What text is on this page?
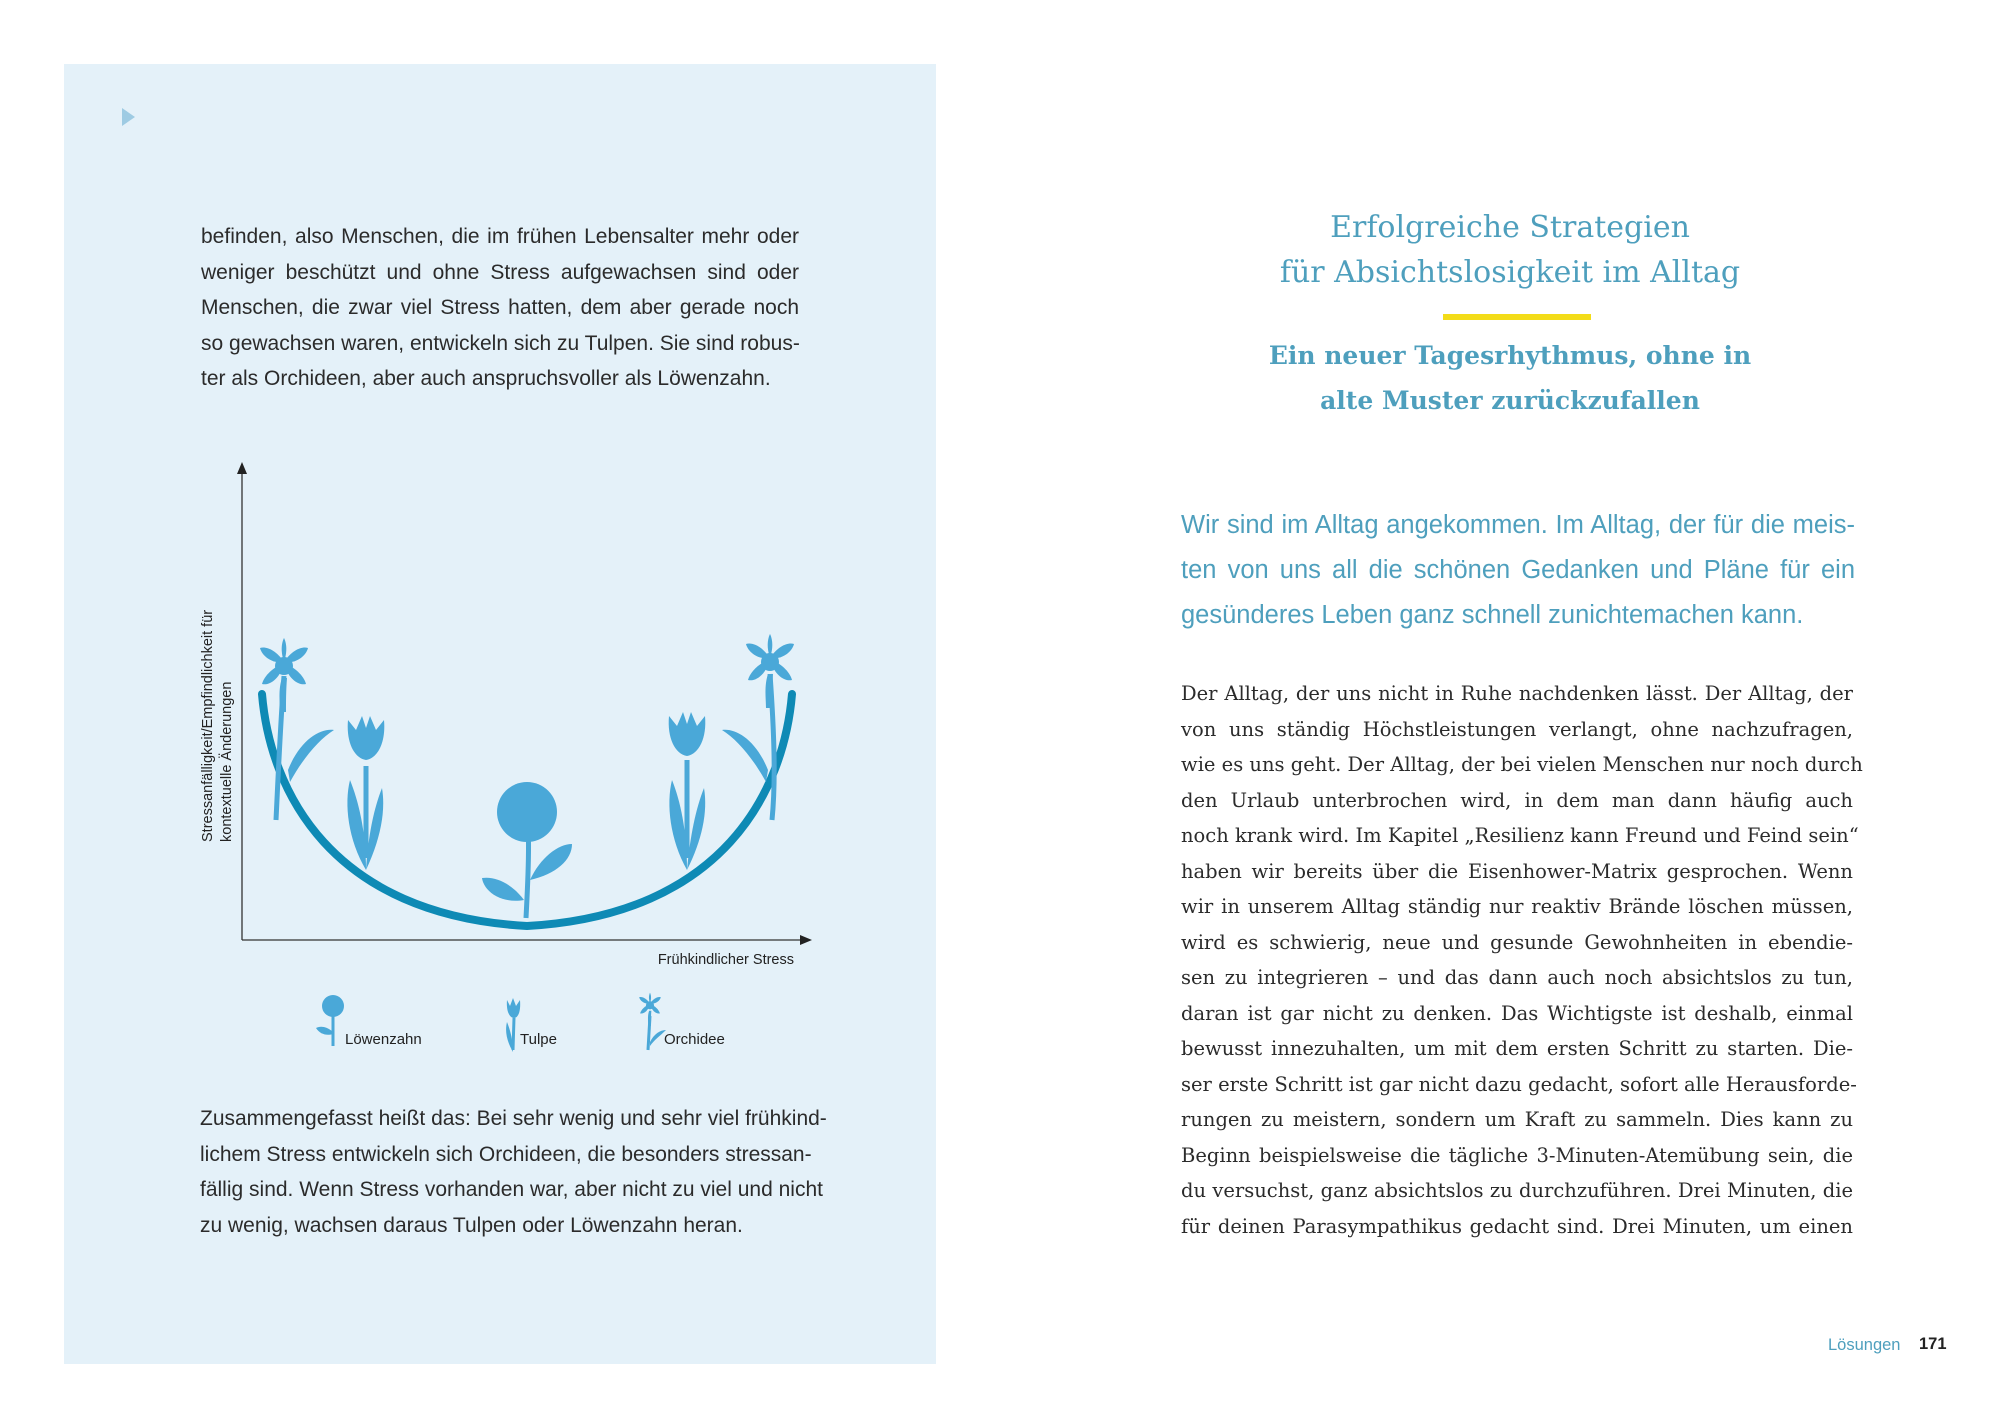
befinden, also Menschen, die im frühen Lebensalter mehr oder
weniger beschützt und ohne Stress aufgewachsen sind oder
Menschen, die zwar viel Stress hatten, dem aber gerade noch
so gewachsen waren, entwickeln sich zu Tulpen. Sie sind robus-
ter als Orchideen, aber auch anspruchsvoller als Löwenzahn.

Stressanfälligkeit/Empfindlichkeit für kontextuelle Änderungen
Frühkindlicher Stress
Löwenzahn	Tulpe	Orchidee

Zusammengefasst heißt das: Bei sehr wenig und sehr viel frühkind-
lichem Stress entwickeln sich Orchideen, die besonders stressan-
fällig sind. Wenn Stress vorhanden war, aber nicht zu viel und nicht
zu wenig, wachsen daraus Tulpen oder Löwenzahn heran.

Erfolgreiche Strategien
für Absichtslosigkeit im Alltag
Ein neuer Tagesrhythmus, ohne in
alte Muster zurückzufallen

Wir sind im Alltag angekommen. Im Alltag, der für die meis-
ten von uns all die schönen Gedanken und Pläne für ein
gesünderes Leben ganz schnell zunichtemachen kann.

Der Alltag, der uns nicht in Ruhe nachdenken lässt. Der Alltag, der
von uns ständig Höchstleistungen verlangt, ohne nachzufragen,
wie es uns geht. Der Alltag, der bei vielen Menschen nur noch durch
den Urlaub unterbrochen wird, in dem man dann häufig auch
noch krank wird. Im Kapitel „Resilienz kann Freund und Feind sein“
haben wir bereits über die Eisenhower-Matrix gesprochen. Wenn
wir in unserem Alltag ständig nur reaktiv Brände löschen müssen,
wird es schwierig, neue und gesunde Gewohnheiten in ebendie-
sen zu integrieren – und das dann auch noch absichtslos zu tun,
daran ist gar nicht zu denken. Das Wichtigste ist deshalb, einmal
bewusst innezuhalten, um mit dem ersten Schritt zu starten. Die-
ser erste Schritt ist gar nicht dazu gedacht, sofort alle Herausforde-
rungen zu meistern, sondern um Kraft zu sammeln. Dies kann zu
Beginn beispielsweise die tägliche 3-Minuten-Atemübung sein, die
du versuchst, ganz absichtslos zu durchzuführen. Drei Minuten, die
für deinen Parasympathikus gedacht sind. Drei Minuten, um einen

Lösungen 171
